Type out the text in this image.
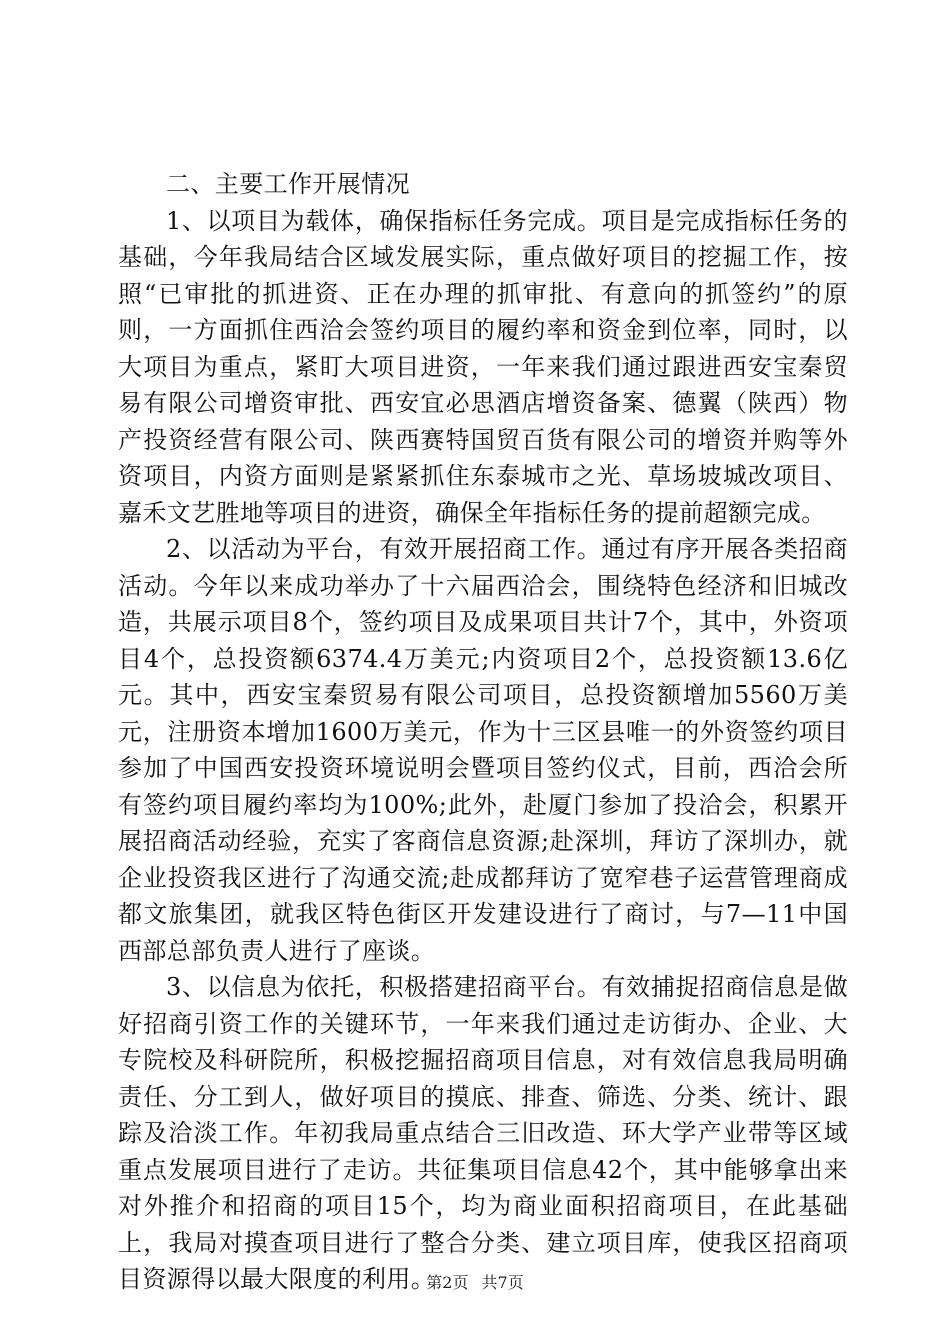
二、主要工作开展情况

1、以项目为载体，确保指标任务完成。项目是完成指标任务的基础，今年我局结合区域发展实际，重点做好项目的挖掘工作，按照“已审批的抓进资、正在办理的抓审批、有意向的抓签约”的原则，一方面抓住西洽会签约项目的履约率和资金到位率，同时，以大项目为重点，紧盯大项目进资，一年来我们通过跟进西安宝秦贸易有限公司增资审批、西安宜必思酒店增资备案、德翼（陕西）物产投资经营有限公司、陕西赛特国贸百货有限公司的增资并购等外资项目，内资方面则是紧紧抓住东泰城市之光、草场坡城改项目、嘉禾文艺胜地等项目的进资，确保全年指标任务的提前超额完成。

2、以活动为平台，有效开展招商工作。通过有序开展各类招商活动。今年以来成功举办了十六届西洽会，围绕特色经济和旧城改造，共展示项目8个，签约项目及成果项目共计7个，其中，外资项目4个，总投资额6374.4万美元;内资项目2个，总投资额13.6亿元。其中，西安宝秦贸易有限公司项目，总投资额增加5560万美元，注册资本增加1600万美元，作为十三区县唯一的外资签约项目参加了中国西安投资环境说明会暨项目签约仪式，目前，西洽会所有签约项目履约率均为100%;此外，赴厦门参加了投洽会，积累开展招商活动经验，充实了客商信息资源;赴深圳，拜访了深圳办，就企业投资我区进行了沟通交流;赴成都拜访了宽窄巷子运营管理商成都文旅集团，就我区特色街区开发建设进行了商讨，与7—11中国西部总部负责人进行了座谈。

3、以信息为依托，积极搭建招商平台。有效捕捉招商信息是做好招商引资工作的关键环节，一年来我们通过走访街办、企业、大专院校及科研院所，积极挖掘招商项目信息，对有效信息我局明确责任、分工到人，做好项目的摸底、排查、筛选、分类、统计、跟踪及洽淡工作。年初我局重点结合三旧改造、环大学产业带等区域重点发展项目进行了走访。共征集项目信息42个，其中能够拿出来对外推介和招商的项目15个，均为商业面积招商项目，在此基础上，我局对摸查项目进行了整合分类、建立项目库，使我区招商项目资源得以最大限度的利用。

第2页 共7页
